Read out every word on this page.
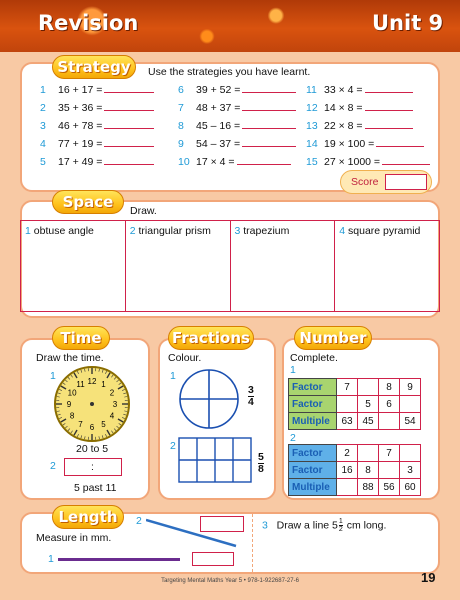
Revision	Unit 9
Strategy	Use the strategies you have learnt.
1 16 + 17 =
2 35 + 36 =
3 46 + 78 =
4 77 + 19 =
5 17 + 49 =
6 39 + 52 =
7 48 + 37 =
8 45 – 16 =
9 54 – 37 =
10 17 × 4 =
11 33 × 4 =
12 14 × 8 =
13 22 × 8 =
14 19 × 100 =
15 27 × 1000 =
Score
Space	Draw.
1 obtuse angle	2 triangular prism	3 trapezium	4 square pyramid
Time
Draw the time.
1	12 1
2
3
4
5
6
7
8
9
10
11
20 to 5
2	:
5 past 11
Fractions
Colour.
1
3
4
2
5
8
Number
Complete.
1
Factor	7		8	9
Factor		5	6	
Multiple	63	45		54
2
Factor	2		7	
Factor	16	8		3
Multiple		88	56	60
Length
Measure in mm.
1
2	3 Draw a line $5 \frac{1}{2}$ cm long.
Targeting Mental Maths Year 5 • 978-1-922687-27-6	19
